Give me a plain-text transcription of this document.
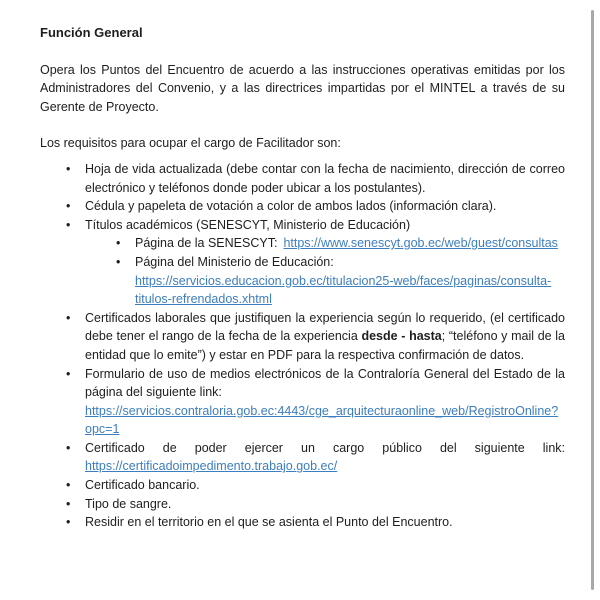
Función General

Opera los Puntos del Encuentro de acuerdo a las instrucciones operativas emitidas por los Administradores del Convenio, y a las directrices impartidas por el MINTEL a través de su Gerente de Proyecto.

Los requisitos para ocupar el cargo de Facilitador son:

• Hoja de vida actualizada (debe contar con la fecha de nacimiento, dirección de correo electrónico y teléfonos donde poder ubicar a los postulantes).
• Cédula y papeleta de votación a color de ambos lados (información clara).
• Títulos académicos (SENESCYT, Ministerio de Educación)
• Página de la SENESCYT: https://www.senescyt.gob.ec/web/guest/consultas
• Página del Ministerio de Educación:
https://servicios.educacion.gob.ec/titulacion25-web/faces/paginas/consulta-titulos-refrendados.xhtml
• Certificados laborales que justifiquen la experiencia según lo requerido, (el certificado debe tener el rango de la fecha de la experiencia desde - hasta; “teléfono y mail de la entidad que lo emite”) y estar en PDF para la respectiva confirmación de datos.
• Formulario de uso de medios electrónicos de la Contraloría General del Estado de la página del siguiente link:
https://servicios.contraloria.gob.ec:4443/cge_arquitecturaonline_web/RegistroOnline?opc=1
• Certificado de poder ejercer un cargo público del siguiente link: https://certificadoimpedimento.trabajo.gob.ec/
• Certificado bancario.
• Tipo de sangre.
• Residir en el territorio en el que se asienta el Punto del Encuentro.
